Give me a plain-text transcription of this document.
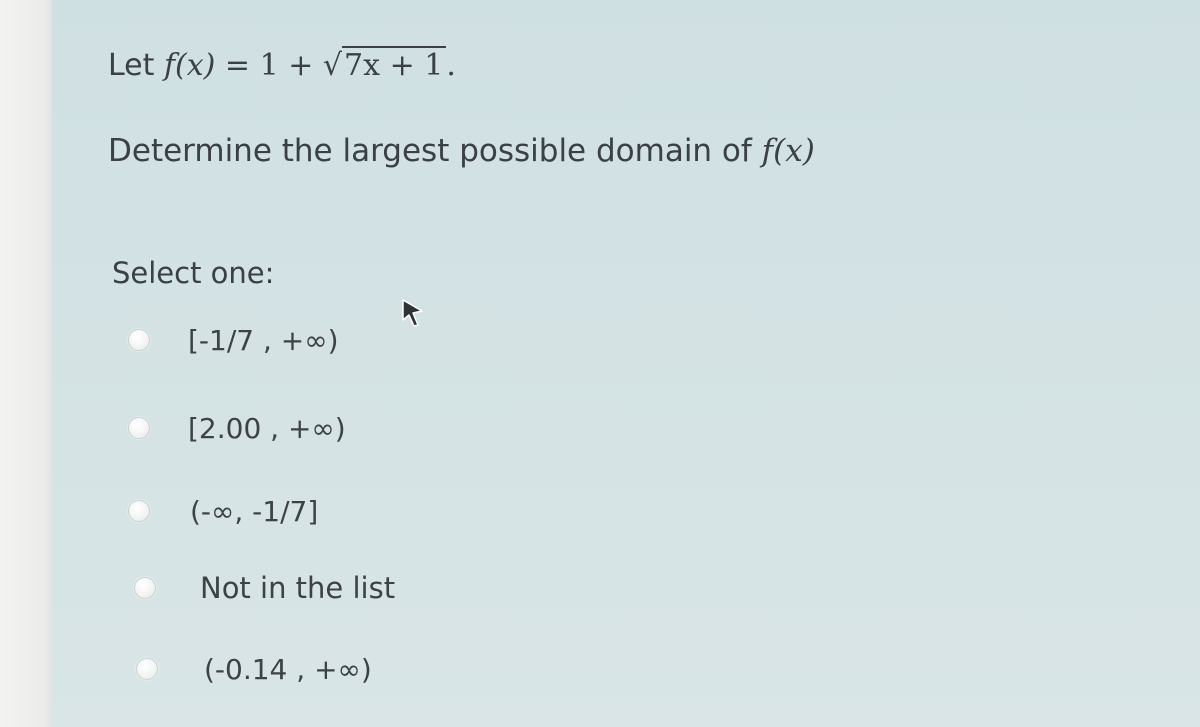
Let f(x) = 1 + √7x + 1 .
Determine the largest possible domain of f(x)
Select one:
[-1/7 , +∞)
[2.00 , +∞)
(-∞, -1/7]
Not in the list
(-0.14 , +∞)
